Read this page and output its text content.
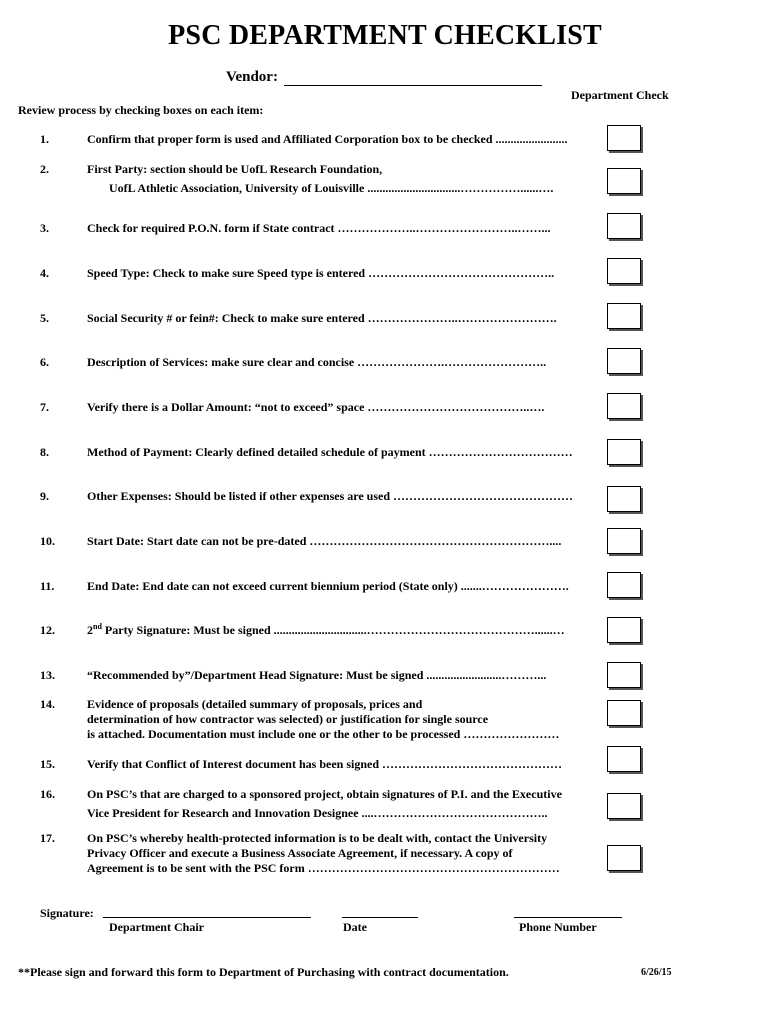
PSC DEPARTMENT CHECKLIST
Vendor:
Department Check
Review process by checking boxes on each item:
1.	Confirm that proper form is used and Affiliated Corporation box to be checked ........................
2.	First Party: section should be UofL Research Foundation,
UofL Athletic Association, University of Louisville ...............................……………......….
3.	Check for required P.O.N. form if State contract ………………..……………………..……...
4.	Speed Type: Check to make sure Speed type is entered ………………………………………..
5.	Social Security # or fein#: Check to make sure entered …………………..…………………….
6.	Description of Services: make sure clear and concise ………………….……………………..
7.	Verify there is a Dollar Amount: “not to exceed” space …………………………………..….
8.	Method of Payment: Clearly defined detailed schedule of payment ………………………………
9.	Other Expenses: Should be listed if other expenses are used ………………………………………
10.	Start Date: Start date can not be pre-dated ……………………………………………………....
11.	End Date: End date can not exceed current biennium period (State only) .......………………….
12.	2nd Party Signature: Must be signed ...............................……………………………………......…
13.	“Recommended by”/Department Head Signature: Must be signed .........................………...
14.	Evidence of proposals (detailed summary of proposals, prices and
determination of how contractor was selected) or justification for single source
is attached. Documentation must include one or the other to be processed ……………………
15.	Verify that Conflict of Interest document has been signed ………………………………………
16.	On PSC’s that are charged to a sponsored project, obtain signatures of P.I. and the Executive
Vice President for Research and Innovation Designee ....……………………………………..
17.	On PSC’s whereby health-protected information is to be dealt with, contact the University
Privacy Officer and execute a Business Associate Agreement, if necessary. A copy of
Agreement is to be sent with the PSC form ………………………………………………………
Signature:
Department Chair	Date	Phone Number
**Please sign and forward this form to Department of Purchasing with contract documentation.	6/26/15
